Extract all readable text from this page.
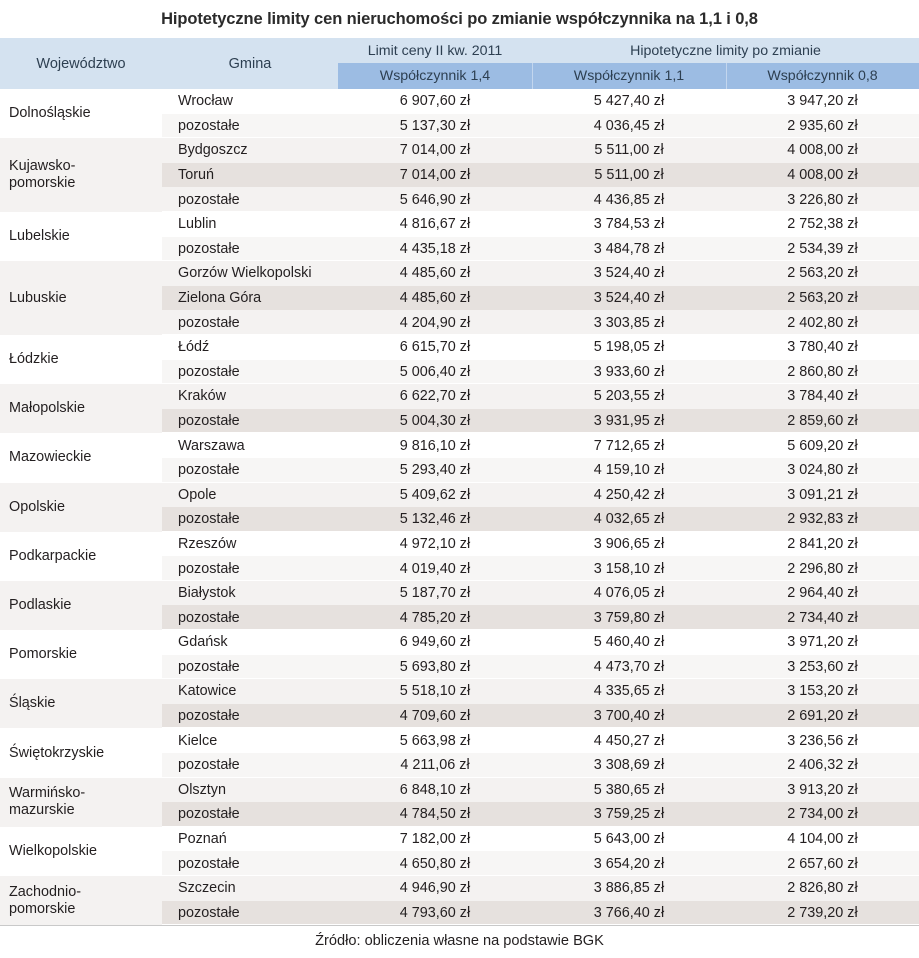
Hipotetyczne limity cen nieruchomości po zmianie współczynnika na 1,1 i 0,8
Województwo	Gmina	Limit ceny II kw. 2011	Hipotetyczne limity po zmianie	
		Współczynnik 1,4	Współczynnik 1,1	Współczynnik 0,8

Dolnośląskie	Wrocław	6 907,60 zł	5 427,40 zł	3 947,20 zł
	pozostałe	5 137,30 zł	4 036,45 zł	2 935,60 zł

Kujawsko-
pomorskie	Bydgoszcz	7 014,00 zł	5 511,00 zł	4 008,00 zł
	Toruń	7 014,00 zł	5 511,00 zł	4 008,00 zł
	pozostałe	5 646,90 zł	4 436,85 zł	3 226,80 zł

Lubelskie	Lublin	4 816,67 zł	3 784,53 zł	2 752,38 zł
	pozostałe	4 435,18 zł	3 484,78 zł	2 534,39 zł

Lubuskie	Gorzów Wielkopolski	4 485,60 zł	3 524,40 zł	2 563,20 zł
	Zielona Góra	4 485,60 zł	3 524,40 zł	2 563,20 zł
	pozostałe	4 204,90 zł	3 303,85 zł	2 402,80 zł

Łódzkie	Łódź	6 615,70 zł	5 198,05 zł	3 780,40 zł
	pozostałe	5 006,40 zł	3 933,60 zł	2 860,80 zł

Małopolskie	Kraków	6 622,70 zł	5 203,55 zł	3 784,40 zł
	pozostałe	5 004,30 zł	3 931,95 zł	2 859,60 zł

Mazowieckie	Warszawa	9 816,10 zł	7 712,65 zł	5 609,20 zł
	pozostałe	5 293,40 zł	4 159,10 zł	3 024,80 zł

Opolskie	Opole	5 409,62 zł	4 250,42 zł	3 091,21 zł
	pozostałe	5 132,46 zł	4 032,65 zł	2 932,83 zł

Podkarpackie	Rzeszów	4 972,10 zł	3 906,65 zł	2 841,20 zł
	pozostałe	4 019,40 zł	3 158,10 zł	2 296,80 zł

Podlaskie	Białystok	5 187,70 zł	4 076,05 zł	2 964,40 zł
	pozostałe	4 785,20 zł	3 759,80 zł	2 734,40 zł

Pomorskie	Gdańsk	6 949,60 zł	5 460,40 zł	3 971,20 zł
	pozostałe	5 693,80 zł	4 473,70 zł	3 253,60 zł

Śląskie	Katowice	5 518,10 zł	4 335,65 zł	3 153,20 zł
	pozostałe	4 709,60 zł	3 700,40 zł	2 691,20 zł

Świętokrzyskie	Kielce	5 663,98 zł	4 450,27 zł	3 236,56 zł
	pozostałe	4 211,06 zł	3 308,69 zł	2 406,32 zł

Warmińsko-
mazurskie	Olsztyn	6 848,10 zł	5 380,65 zł	3 913,20 zł
	pozostałe	4 784,50 zł	3 759,25 zł	2 734,00 zł

Wielkopolskie	Poznań	7 182,00 zł	5 643,00 zł	4 104,00 zł
	pozostałe	4 650,80 zł	3 654,20 zł	2 657,60 zł

Zachodnio-
pomorskie	Szczecin	4 946,90 zł	3 886,85 zł	2 826,80 zł
	pozostałe	4 793,60 zł	3 766,40 zł	2 739,20 zł
Źródło: obliczenia własne na podstawie BGK
